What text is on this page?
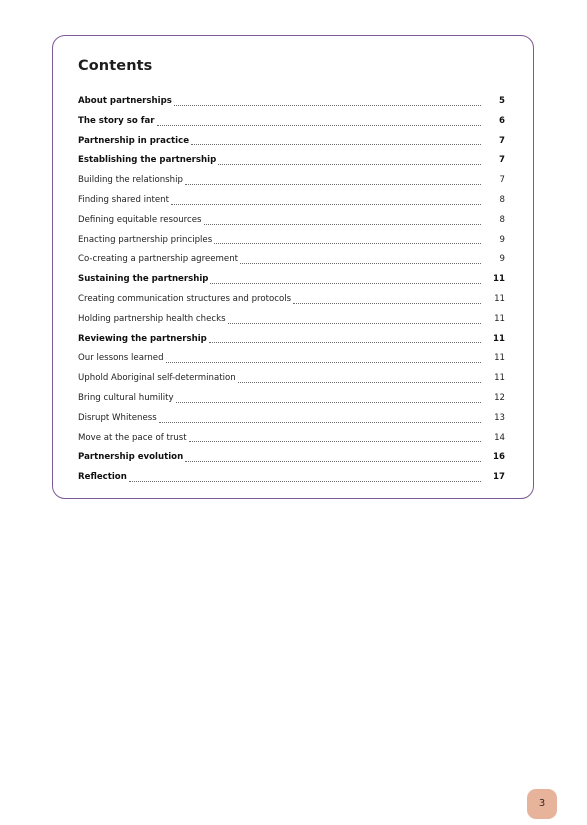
Contents
About partnerships	5
The story so far	6
Partnership in practice	7
Establishing the partnership	7
Building the relationship	7
Finding shared intent	8
Defining equitable resources	8
Enacting partnership principles	9
Co-creating a partnership agreement	9
Sustaining the partnership	11
Creating communication structures and protocols	11
Holding partnership health checks	11
Reviewing the partnership	11
Our lessons learned	11
Uphold Aboriginal self-determination	11
Bring cultural humility	12
Disrupt Whiteness	13
Move at the pace of trust	14
Partnership evolution	16
Reflection	17
3
